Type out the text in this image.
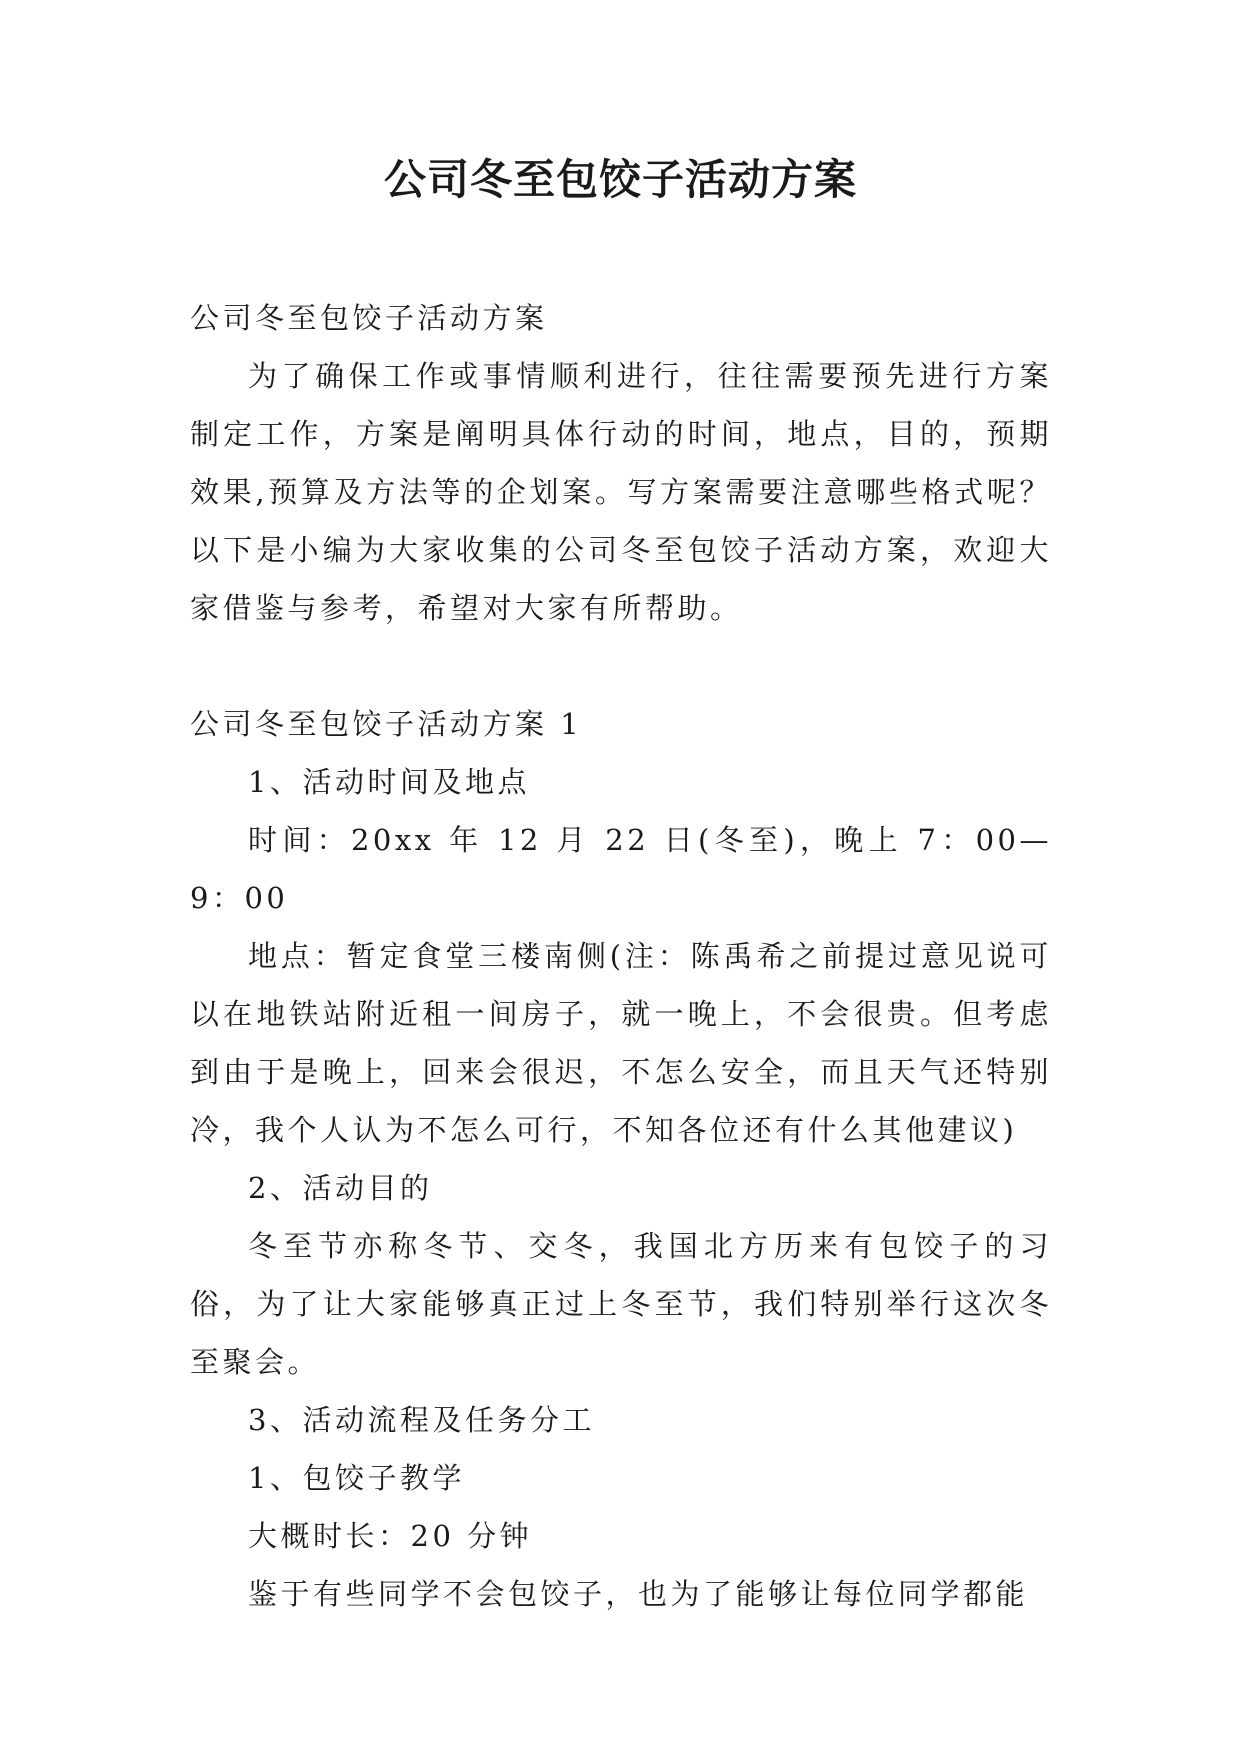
公司冬至包饺子活动方案

公司冬至包饺子活动方案

为了确保工作或事情顺利进行，往往需要预先进行方案制定工作，方案是阐明具体行动的时间，地点，目的，预期效果,预算及方法等的企划案。写方案需要注意哪些格式呢？以下是小编为大家收集的公司冬至包饺子活动方案，欢迎大家借鉴与参考，希望对大家有所帮助。

公司冬至包饺子活动方案 1

1、活动时间及地点

时间：20xx 年 12 月 22 日(冬至)，晚上 7：00—9：00

地点：暂定食堂三楼南侧(注：陈禹希之前提过意见说可以在地铁站附近租一间房子，就一晚上，不会很贵。但考虑到由于是晚上，回来会很迟，不怎么安全，而且天气还特别冷，我个人认为不怎么可行，不知各位还有什么其他建议)

2、活动目的

冬至节亦称冬节、交冬，我国北方历来有包饺子的习俗，为了让大家能够真正过上冬至节，我们特别举行这次冬至聚会。

3、活动流程及任务分工

1、包饺子教学

大概时长：20 分钟

鉴于有些同学不会包饺子，也为了能够让每位同学都能
